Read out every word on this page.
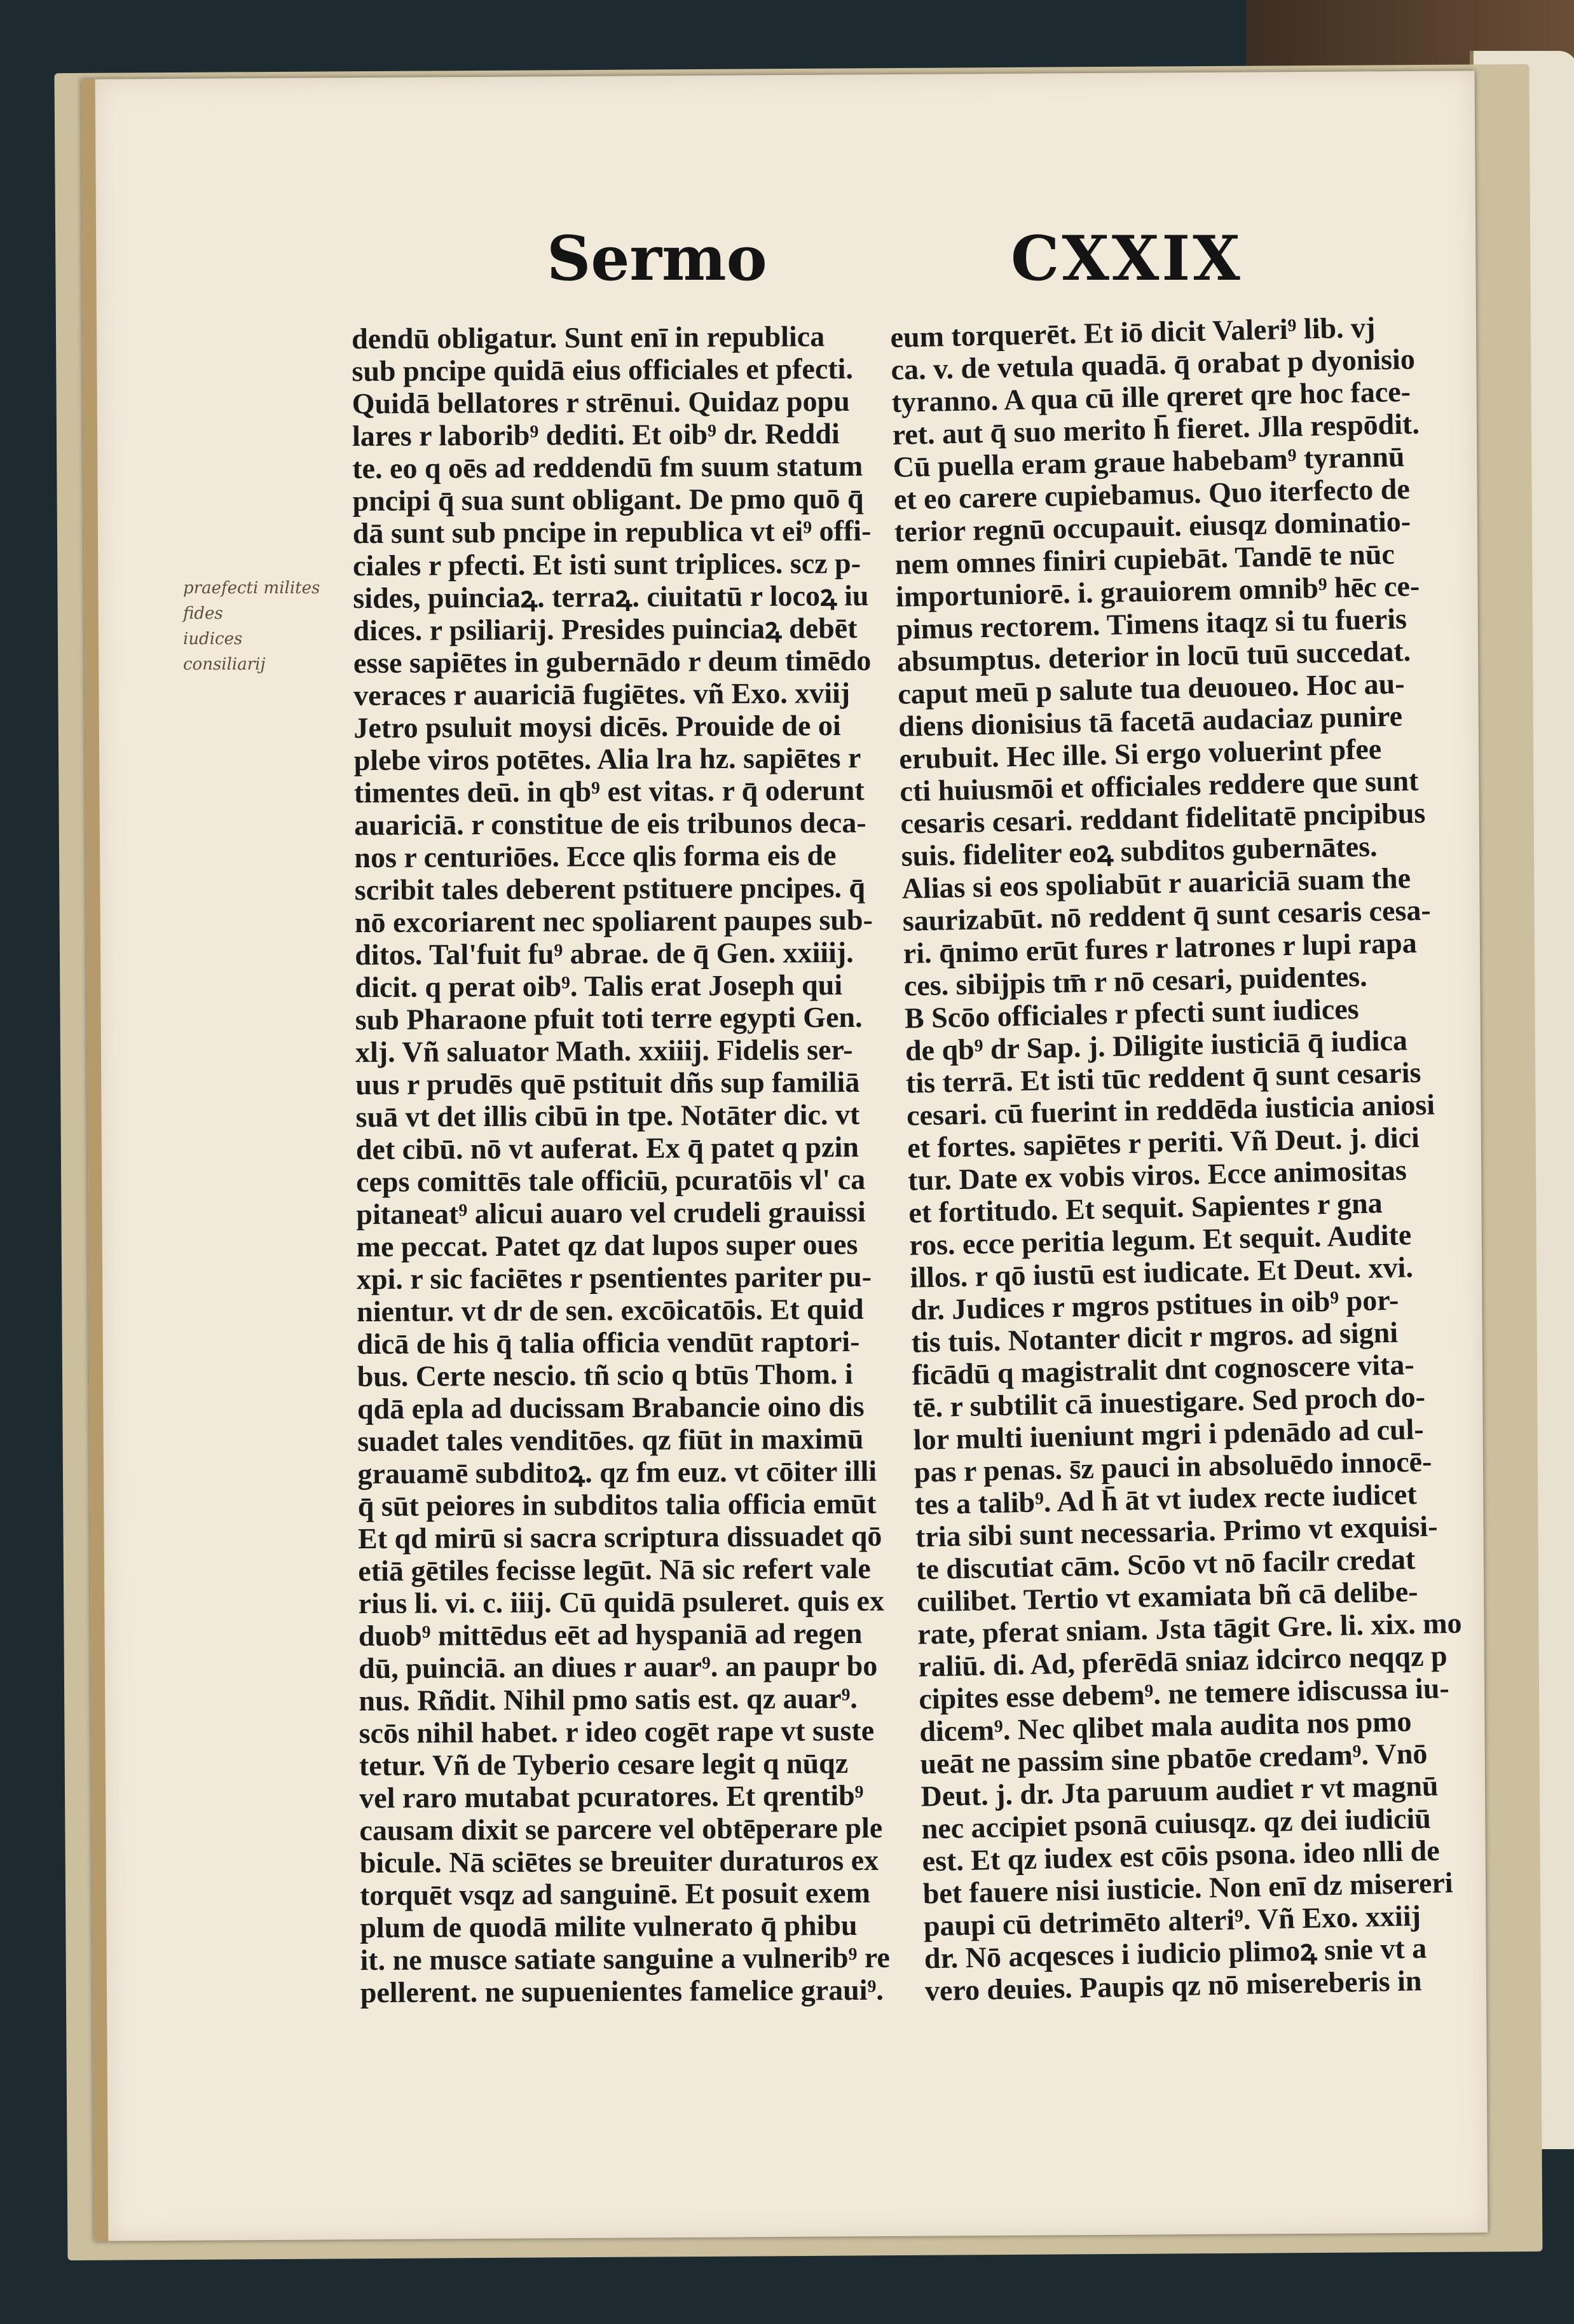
Sermo	CXXIX
praefecti milites
fides
iudices
consiliarij
dendū obligatur. Sunt enī in republica
sub pncipe quidā eius officiales et pfecti.
Quidā bellatores r strēnui. Quidaz popu
lares r laborib⁹ dediti. Et oib⁹ dr. Reddi
te. eo q oēs ad reddendū fm suum statum
pncipi q̄ sua sunt obligant. De pmo quō q̄
dā sunt sub pncipe in republica vt ei⁹ offi-
ciales r pfecti. Et isti sunt triplices. scz p-
sides, puinciaꝝ. terraꝝ. ciuitatū r locoꝝ iu
dices. r psiliarij. Presides puinciaꝝ debēt
esse sapiētes in gubernādo r deum timēdo
veraces r auariciā fugiētes. vñ Exo. xviij
Jetro psuluit moysi dicēs. Prouide de oi
plebe viros potētes. Alia lra hz. sapiētes r
timentes deū. in qb⁹ est vitas. r q̄ oderunt
auariciā. r constitue de eis tribunos deca-
nos r centuriōes. Ecce qlis forma eis de
scribit tales deberent pstituere pncipes. q̄
nō excoriarent nec spoliarent paupes sub-
ditos. Tal'fuit fu⁹ abrae. de q̄ Gen. xxiiij.
dicit. q perat oib⁹. Talis erat Joseph qui
sub Pharaone pfuit toti terre egypti Gen.
xlj. Vñ saluator Math. xxiiij. Fidelis ser-
uus r prudēs quē pstituit dñs sup familiā
suā vt det illis cibū in tpe. Notāter dic. vt
det cibū. nō vt auferat. Ex q̄ patet q pzin
ceps comittēs tale officiū, pcuratōis vl' ca
pitaneat⁹ alicui auaro vel crudeli grauissi
me peccat. Patet qz dat lupos super oues
xpi. r sic faciētes r psentientes pariter pu-
nientur. vt dr de sen. excōicatōis. Et quid
dicā de his q̄ talia officia vendūt raptori-
bus. Certe nescio. tñ scio q btūs Thom. i
qdā epla ad ducissam Brabancie oino dis
suadet tales venditōes. qz fiūt in maximū
grauamē subditoꝝ. qz fm euz. vt cōiter illi
q̄ sūt peiores in subditos talia officia emūt
Et qd mirū si sacra scriptura dissuadet qō
etiā gētiles fecisse legūt. Nā sic refert vale
rius li. vi. c. iiij. Cū quidā psuleret. quis ex
duob⁹ mittēdus eēt ad hyspaniā ad regen
dū, puinciā. an diues r auar⁹. an paupr bo
nus. Rñdit. Nihil pmo satis est. qz auar⁹.
scōs nihil habet. r ideo cogēt rape vt suste
tetur. Vñ de Tyberio cesare legit q nūqz
vel raro mutabat pcuratores. Et qrentib⁹
causam dixit se parcere vel obtēperare ple
bicule. Nā sciētes se breuiter duraturos ex
torquēt vsqz ad sanguinē. Et posuit exem
plum de quodā milite vulnerato q̄ phibu
it. ne musce satiate sanguine a vulnerib⁹ re
pellerent. ne supuenientes famelice graui⁹.
eum torquerēt. Et iō dicit Valeri⁹ lib. vj
ca. v. de vetula quadā. q̄ orabat p dyonisio
tyranno. A qua cū ille qreret qre hoc face-
ret. aut q̄ suo merito h̄ fieret. Jlla respōdit.
Cū puella eram graue habebam⁹ tyrannū
et eo carere cupiebamus. Quo iterfecto de
terior regnū occupauit. eiusqz dominatio-
nem omnes finiri cupiebāt. Tandē te nūc
importuniorē. i. grauiorem omnib⁹ hēc ce-
pimus rectorem. Timens itaqz si tu fueris
absumptus. deterior in locū tuū succedat.
caput meū p salute tua deuoueo. Hoc au-
diens dionisius tā facetā audaciaz punire
erubuit. Hec ille. Si ergo voluerint pfee
cti huiusmōi et officiales reddere que sunt
cesaris cesari. reddant fidelitatē pncipibus
suis. fideliter eoꝝ subditos gubernātes.
Alias si eos spoliabūt r auariciā suam the
saurizabūt. nō reddent q̄ sunt cesaris cesa-
ri. q̄nimo erūt fures r latrones r lupi rapa
ces. sibijpis tm̄ r nō cesari, puidentes.
B Scōo officiales r pfecti sunt iudices
de qb⁹ dr Sap. j. Diligite iusticiā q̄ iudica
tis terrā. Et isti tūc reddent q̄ sunt cesaris
cesari. cū fuerint in reddēda iusticia aniosi
et fortes. sapiētes r periti. Vñ Deut. j. dici
tur. Date ex vobis viros. Ecce animositas
et fortitudo. Et sequit. Sapientes r gna
ros. ecce peritia legum. Et sequit. Audite
illos. r qō iustū est iudicate. Et Deut. xvi.
dr. Judices r mgros pstitues in oib⁹ por-
tis tuis. Notanter dicit r mgros. ad signi
ficādū q magistralit dnt cognoscere vita-
tē. r subtilit cā inuestigare. Sed proch do-
lor multi iueniunt mgri i pdenādo ad cul-
pas r penas. s̄z pauci in absoluēdo innocē-
tes a talib⁹. Ad h̄ āt vt iudex recte iudicet
tria sibi sunt necessaria. Primo vt exquisi-
te discutiat cām. Scōo vt nō facilr credat
cuilibet. Tertio vt examiata bñ cā delibe-
rate, pferat sniam. Jsta tāgit Gre. li. xix. mo
raliū. di. Ad, pferēdā sniaz idcirco neqqz p
cipites esse debem⁹. ne temere idiscussa iu-
dicem⁹. Nec qlibet mala audita nos pmo
ueāt ne passim sine pbatōe credam⁹. Vnō
Deut. j. dr. Jta paruum audiet r vt magnū
nec accipiet psonā cuiusqz. qz dei iudiciū
est. Et qz iudex est cōis psona. ideo nlli de
bet fauere nisi iusticie. Non enī dz misereri
paupi cū detrimēto alteri⁹. Vñ Exo. xxiij
dr. Nō acqesces i iudicio plimoꝝ snie vt a
vero deuies. Paupis qz nō misereberis in
